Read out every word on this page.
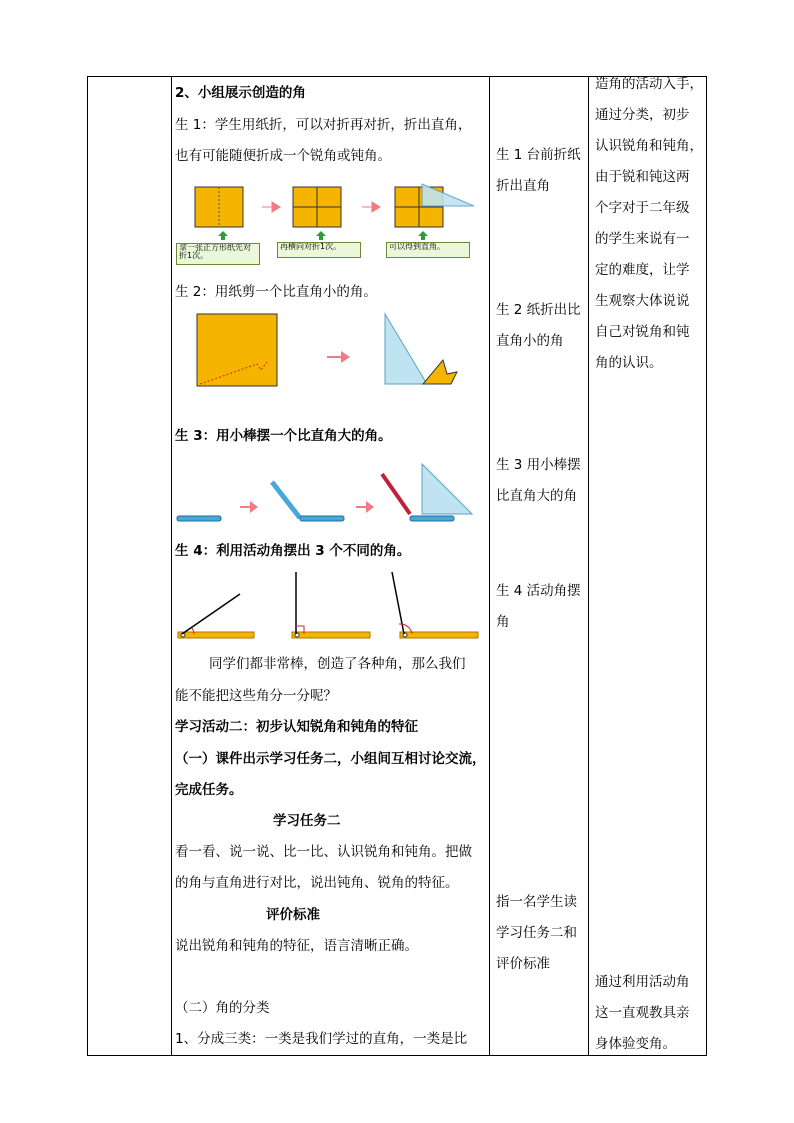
2、小组展示创造的角
生 1：学生用纸折，可以对折再对折，折出直角，
也有可能随便折成一个锐角或钝角。
拿一张正方形纸先对折1次。
再横向对折1次。	可以得到直角。
生 2：用纸剪一个比直角小的角。
生 3：用小棒摆一个比直角大的角。
生 4：利用活动角摆出 3 个不同的角。
同学们都非常棒，创造了各种角，那么我们
能不能把这些角分一分呢？
学习活动二：初步认知锐角和钝角的特征
（一）课件出示学习任务二，小组间互相讨论交流，
完成任务。
学习任务二
看一看、说一说、比一比、认识锐角和钝角。把做
的角与直角进行对比，说出钝角、锐角的特征。
评价标准
说出锐角和钝角的特征，语言清晰正确。
（二）角的分类
1、分成三类：一类是我们学过的直角，一类是比
生 1 台前折纸
折出直角
生 2 纸折出比
直角小的角
生 3 用小棒摆
比直角大的角
生 4 活动角摆
角
指一名学生读
学习任务二和
评价标准
造角的活动入手，
通过分类，初步
认识锐角和钝角，
由于锐和钝这两
个字对于二年级
的学生来说有一
定的难度，让学
生观察大体说说
自己对锐角和钝
角的认识。
通过利用活动角
这一直观教具亲
身体验变角。
